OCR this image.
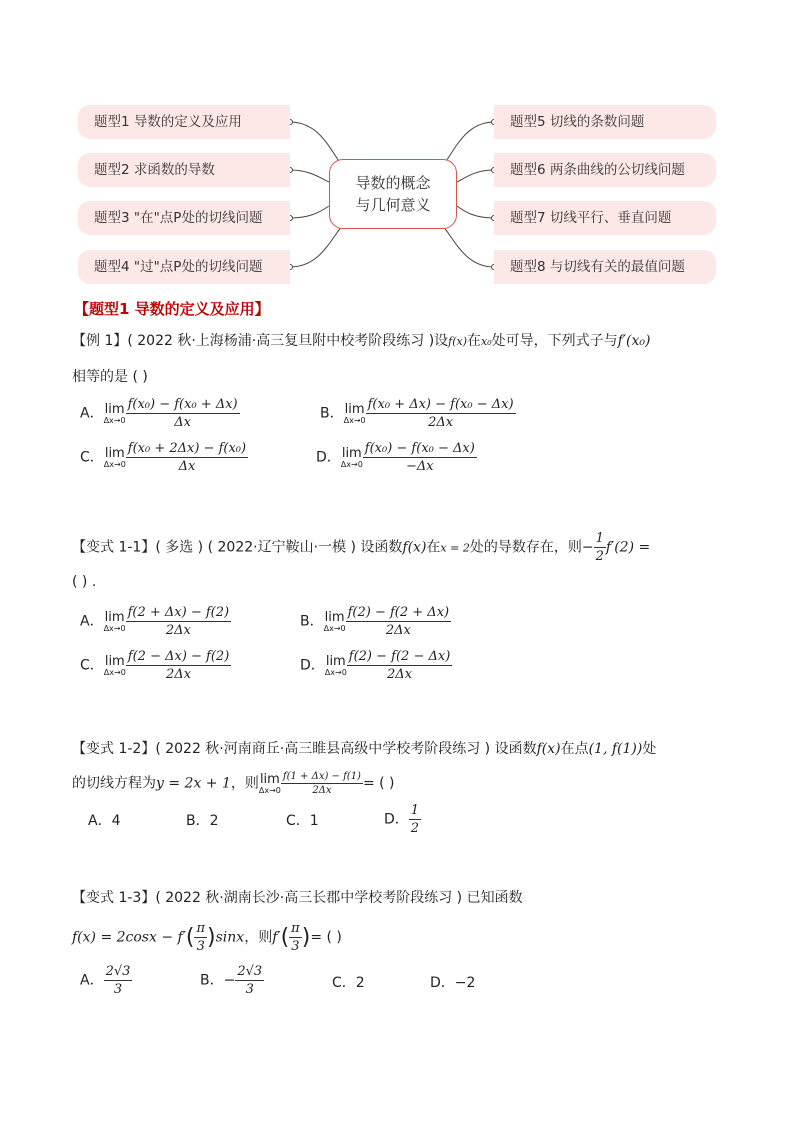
题型1 导数的定义及应用
题型2 求函数的导数
题型3 "在"点P处的切线问题
题型4 "过"点P处的切线问题
题型5 切线的条数问题
题型6 两条曲线的公切线问题
题型7 切线平行、垂直问题
题型8 与切线有关的最值问题
导数的概念
与几何意义
【题型1 导数的定义及应用】
【例 1】( 2022 秋·上海杨浦·高三复旦附中校考阶段练习 )设f(x)在x₀处可导，下列式子与f′(x₀)
相等的是 ( )
A．lim
$\Delta x\to 0 \frac{\text{f(x₀) − f(x₀ + Δx)}}{\Delta x}$	B．lim
$\Delta x\to 0 \frac{\text{f(x₀ + Δx) − f(x₀ − Δx)}}{2\Delta x}$
C．lim
$\Delta x\to 0 \frac{\text{f(x₀ + 2Δx) − f(x₀)}}{\Delta x}$	D．lim
$\Delta x\to 0 \frac{\text{f(x₀) − f(x₀ − Δx)}}{-\Delta x}$
【变式 1-1】( 多选 ) ( 2022·辽宁鞍山·一模 ) 设函数f(x)在x = 2处的导数存在，则− $\frac{1}{2} f'(2)$ =
( ) .
A．lim
$\Delta x\to 0 \frac{f(2 + \Delta x) - f(2)}{2\Delta x}$	B．lim
$\Delta x\to 0 \frac{f(2) - f(2 + \Delta x)}{2\Delta x}$
C．lim
$\Delta x\to 0 \frac{f(2 - \Delta x) - f(2)}{2\Delta x}$	D．lim
$\Delta x\to 0 \frac{f(2) - f(2 - \Delta x)}{2\Delta x}$
【变式 1-2】( 2022 秋·河南商丘·高三睢县高级中学校考阶段练习 ) 设函数f(x)在点(1, f(1))处
的切线方程为y = 2x + 1，则lim
$\Delta x\to 0 \frac{f(1 + \Delta x) - f(1)}{2\Delta x}$ = ( )
A．4	B．2	C．1	D． $\frac{1}{2}$
【变式 1-3】( 2022 秋·湖南长沙·高三长郡中学校考阶段练习 ) 已知函数
$f(x) = 2\cos x - f'( \frac{\pi}{3} )\sin x$，则$f'( \frac{\pi}{3}$ )= ( )
A． $\frac{2√3}{3}$	B．− $\frac{2√3}{3}$	C．2	D．−2
